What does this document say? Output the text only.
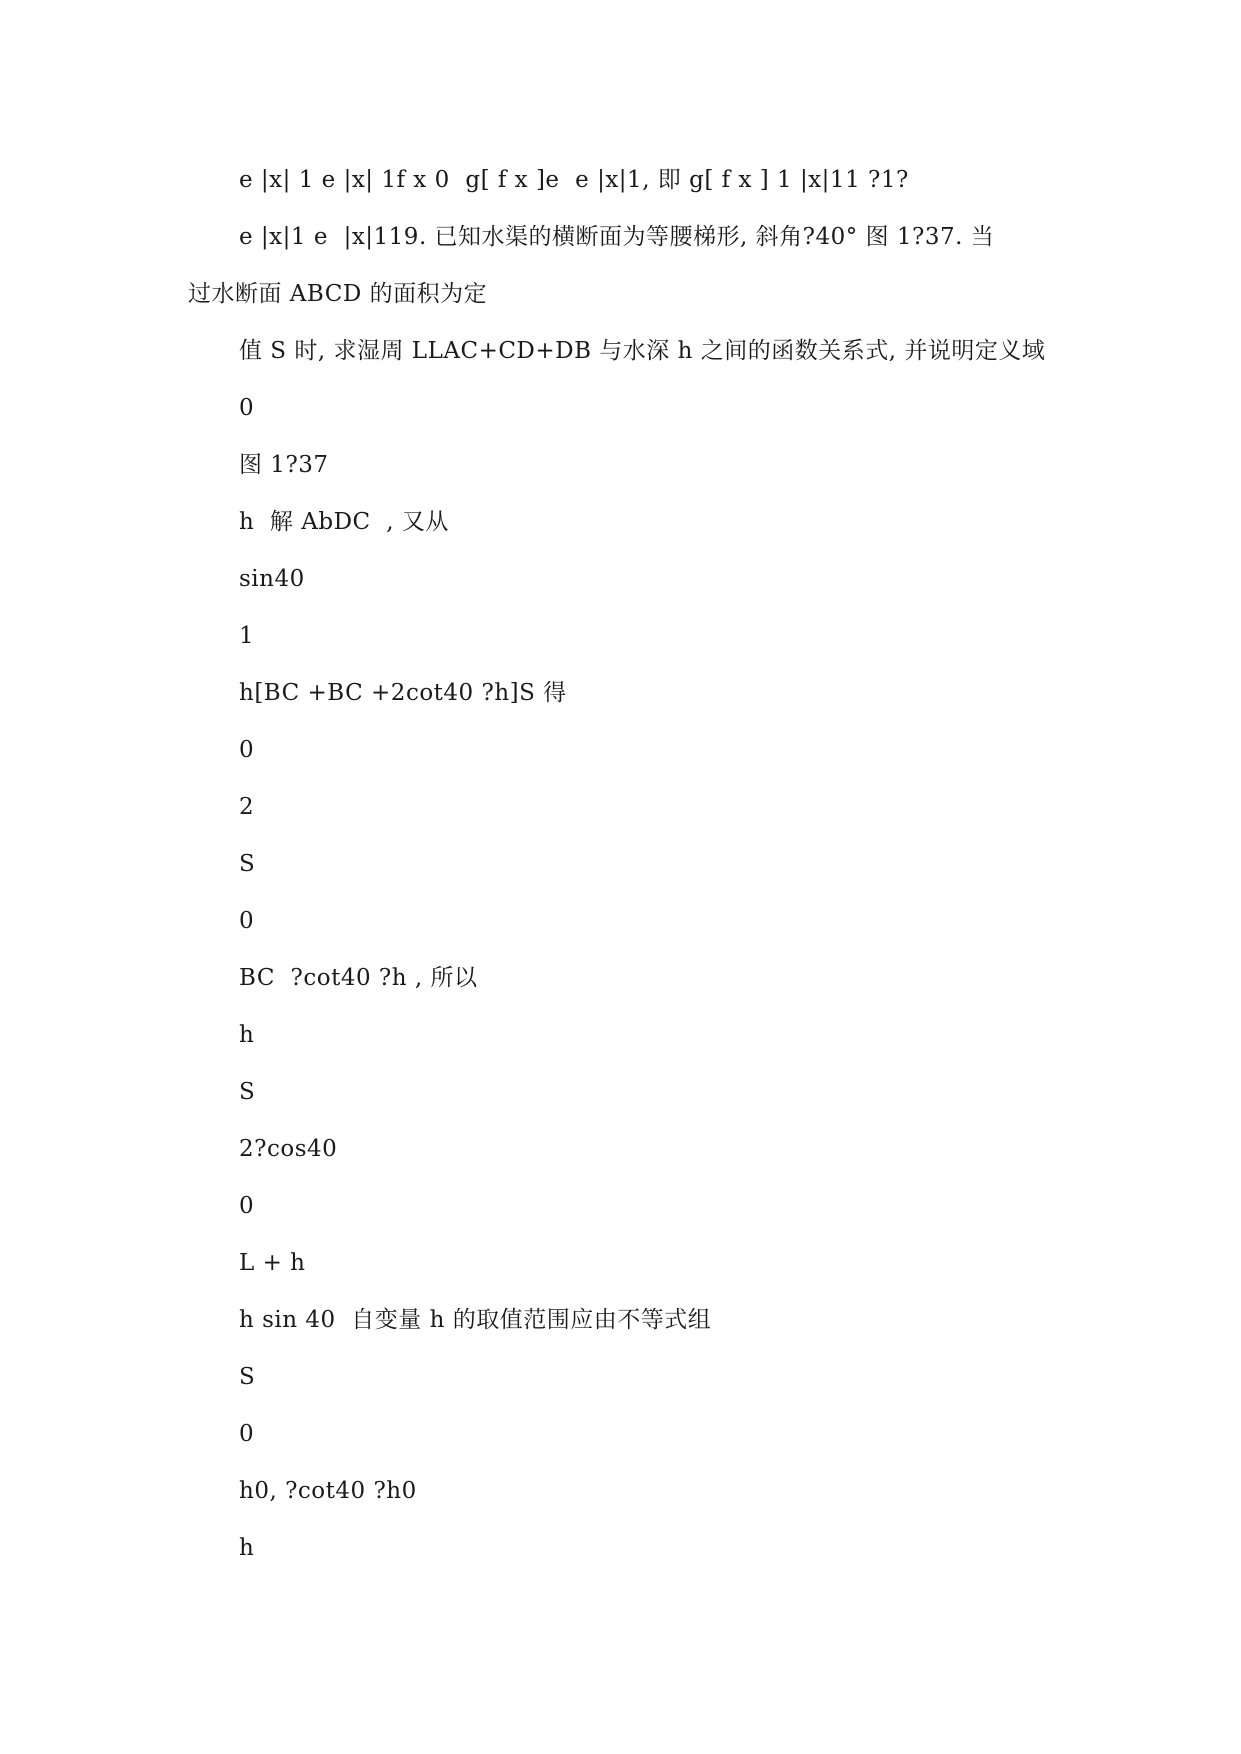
e |x| 1 e |x| 1f x 0  g[ f x ]e  e |x|1, 即 g[ f x ] 1 |x|11 ?1?
e |x|1 e  |x|119. 已知水渠的横断面为等腰梯形, 斜角?40° 图 1?37. 当
过水断面 ABCD 的面积为定
值 S 时, 求湿周 LLAC+CD+DB 与水深 h 之间的函数关系式, 并说明定义域
0
图 1?37
h  解 AbDC  , 又从
sin40
1
h[BC +BC +2cot40 ?h]S 得
0
2
S
0
BC  ?cot40 ?h , 所以
h
S
2?cos40
0
L + h
h sin 40  自变量 h 的取值范围应由不等式组
S
0
h0, ?cot40 ?h0
h
